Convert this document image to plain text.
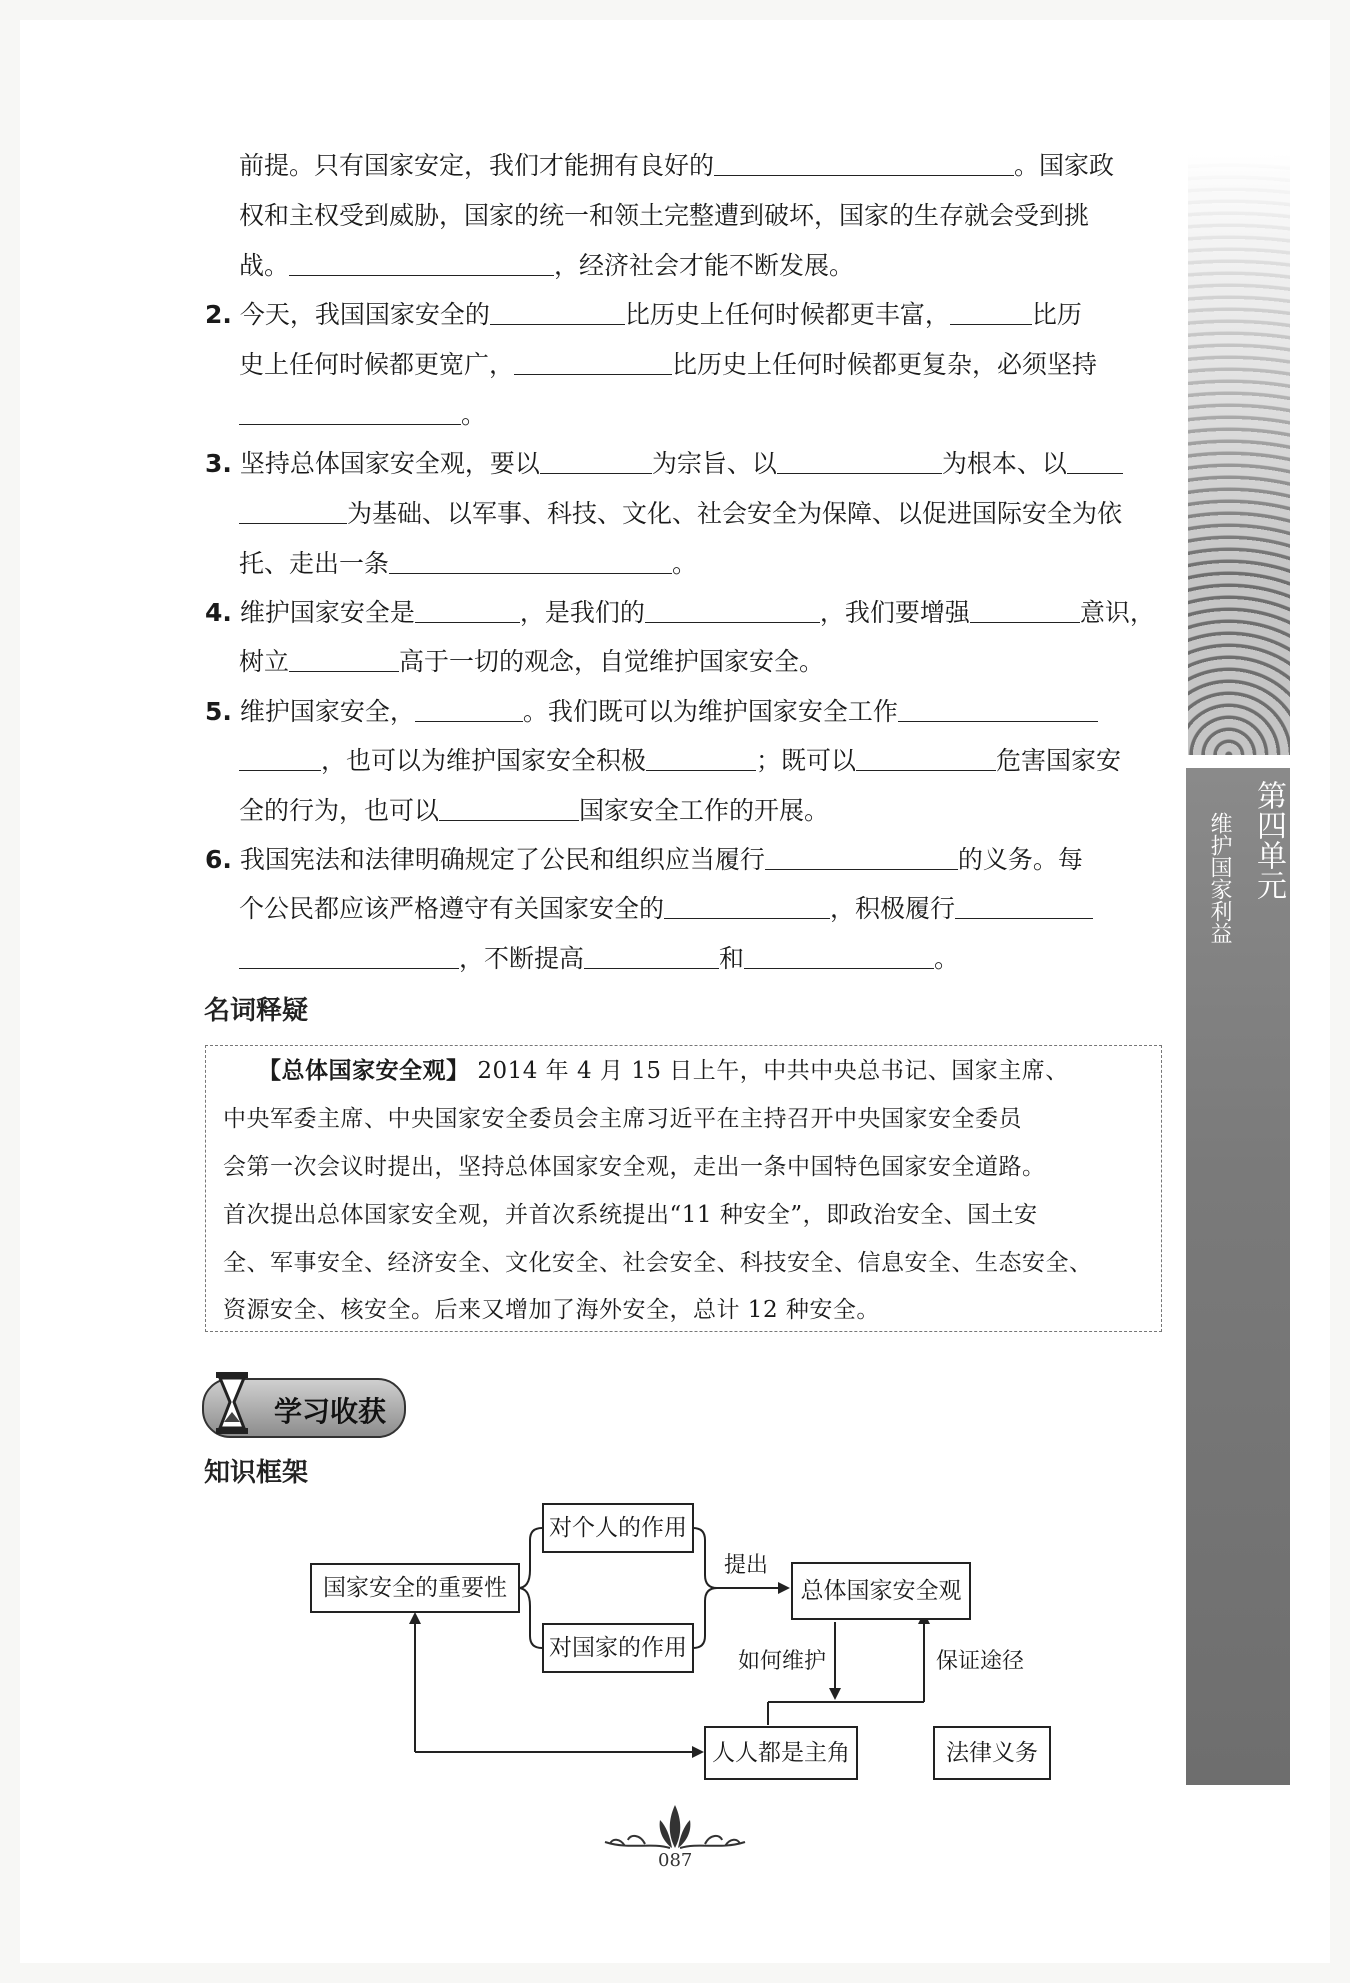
第四单元
维护国家利益
前提。只有国家安定，我们才能拥有良好的	。国家政
权和主权受到威胁，国家的统一和领土完整遭到破坏，国家的生存就会受到挑
战。	，经济社会才能不断发展。
2. 今天，我国国家安全的	比历史上任何时候都更丰富，	比历
史上任何时候都更宽广，	比历史上任何时候都更复杂，必须坚持
。
3. 坚持总体国家安全观，要以	为宗旨、以	为根本、以
为基础、以军事、科技、文化、社会安全为保障、以促进国际安全为依
托、走出一条	。
4. 维护国家安全是	，是我们的	，我们要增强	意识，
树立	高于一切的观念，自觉维护国家安全。
5. 维护国家安全，	。我们既可以为维护国家安全工作
，也可以为维护国家安全积极	；既可以	危害国家安
全的行为，也可以	国家安全工作的开展。
6. 我国宪法和法律明确规定了公民和组织应当履行	的义务。每
个公民都应该严格遵守有关国家安全的	，积极履行
，不断提高	和	。
名词释疑
【总体国家安全观】 2014 年 4 月 15 日上午，中共中央总书记、国家主席、
中央军委主席、中央国家安全委员会主席习近平在主持召开中央国家安全委员
会第一次会议时提出，坚持总体国家安全观，走出一条中国特色国家安全道路。
首次提出总体国家安全观，并首次系统提出“11 种安全”，即政治安全、国土安
全、军事安全、经济安全、文化安全、社会安全、科技安全、信息安全、生态安全、
资源安全、核安全。后来又增加了海外安全，总计 12 种安全。
学习收获
知识框架
国家安全的重要性
对个人的作用
对国家的作用
提出
总体国家安全观
如何维护	保证途径
人人都是主角	法律义务
087
